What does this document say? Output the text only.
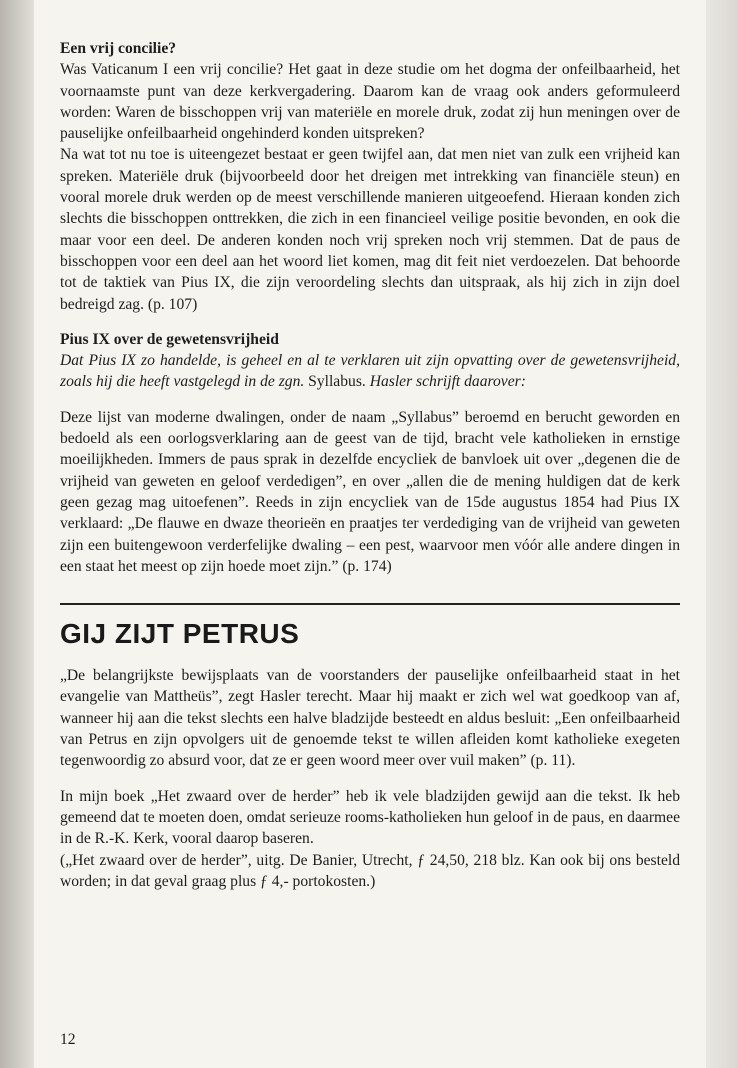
Een vrij concilie?

Was Vaticanum I een vrij concilie? Het gaat in deze studie om het dogma der onfeilbaarheid, het voornaamste punt van deze kerkvergadering. Daarom kan de vraag ook anders geformuleerd worden: Waren de bisschoppen vrij van materiële en morele druk, zodat zij hun meningen over de pauselijke onfeilbaarheid ongehinderd konden uitspreken?

Na wat tot nu toe is uiteengezet bestaat er geen twijfel aan, dat men niet van zulk een vrijheid kan spreken. Materiële druk (bijvoorbeeld door het dreigen met intrekking van financiële steun) en vooral morele druk werden op de meest verschillende manieren uitgeoefend. Hieraan konden zich slechts die bisschoppen onttrekken, die zich in een financieel veilige positie bevonden, en ook die maar voor een deel. De anderen konden noch vrij spreken noch vrij stemmen. Dat de paus de bisschoppen voor een deel aan het woord liet komen, mag dit feit niet verdoezelen. Dat behoorde tot de taktiek van Pius IX, die zijn veroordeling slechts dan uitspraak, als hij zich in zijn doel bedreigd zag. (p. 107)

Pius IX over de gewetensvrijheid

Dat Pius IX zo handelde, is geheel en al te verklaren uit zijn opvatting over de gewetensvrijheid, zoals hij die heeft vastgelegd in de zgn. Syllabus. Hasler schrijft daarover:

Deze lijst van moderne dwalingen, onder de naam „Syllabus” beroemd en berucht geworden en bedoeld als een oorlogsverklaring aan de geest van de tijd, bracht vele katholieken in ernstige moeilijkheden. Immers de paus sprak in dezelfde encycliek de banvloek uit over „degenen die de vrijheid van geweten en geloof verdedigen”, en over „allen die de mening huldigen dat de kerk geen gezag mag uitoefenen”. Reeds in zijn encycliek van de 15de augustus 1854 had Pius IX verklaard: „De flauwe en dwaze theorieën en praatjes ter verdediging van de vrijheid van geweten zijn een buitengewoon verderfelijke dwaling – een pest, waarvoor men vóór alle andere dingen in een staat het meest op zijn hoede moet zijn.” (p. 174)

GIJ ZIJT PETRUS

„De belangrijkste bewijsplaats van de voorstanders der pauselijke onfeilbaarheid staat in het evangelie van Mattheüs”, zegt Hasler terecht. Maar hij maakt er zich wel wat goedkoop van af, wanneer hij aan die tekst slechts een halve bladzijde besteedt en aldus besluit: „Een onfeilbaarheid van Petrus en zijn opvolgers uit de genoemde tekst te willen afleiden komt katholieke exegeten tegenwoordig zo absurd voor, dat ze er geen woord meer over vuil maken” (p. 11).

In mijn boek „Het zwaard over de herder” heb ik vele bladzijden gewijd aan die tekst. Ik heb gemeend dat te moeten doen, omdat serieuze rooms-katholieken hun geloof in de paus, en daarmee in de R.-K. Kerk, vooral daarop baseren.

(„Het zwaard over de herder”, uitg. De Banier, Utrecht, ƒ 24,50, 218 blz. Kan ook bij ons besteld worden; in dat geval graag plus ƒ 4,- portokosten.)

12
